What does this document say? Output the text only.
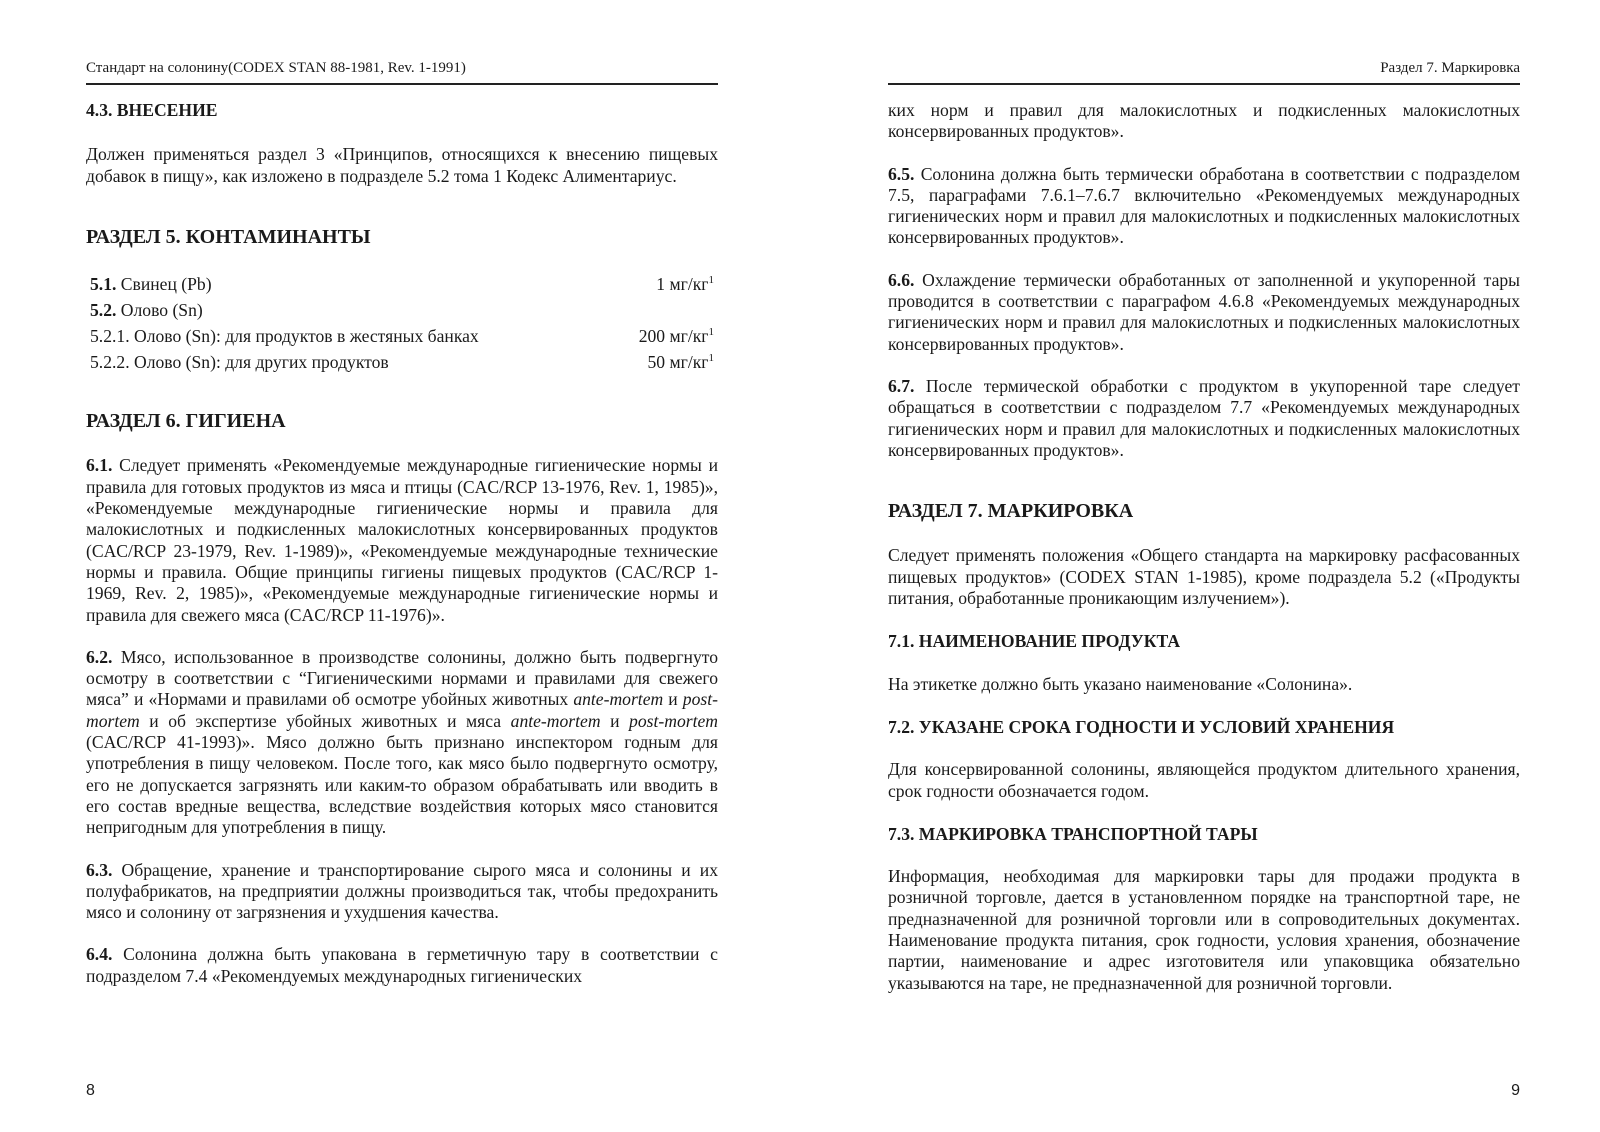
Стандарт на солонину(CODEX STAN 88-1981, Rev. 1-1991)
4.3. ВНЕСЕНИЕ

Должен применяться раздел 3 «Принципов, относящихся к внесению пищевых добавок в пищу», как изложено в подразделе 5.2 тома 1 Кодекс Алиментариус.

РАЗДЕЛ 5. КОНТАМИНАНТЫ
5.1. Свинец (Pb)	1 $мг/кг^1$
5.2. Олово (Sn)
5.2.1. Олово (Sn): для продуктов в жестяных банках	200 $мг/кг^1$
5.2.2. Олово (Sn): для других продуктов	50 $мг/кг^1$
РАЗДЕЛ 6. ГИГИЕНА

6.1. Следует применять «Рекомендуемые международные гигиенические нормы и правила для готовых продуктов из мяса и птицы (CAC/RCP 13-1976, Rev. 1, 1985)», «Рекомендуемые международные гигиенические нормы и правила для малокислотных и подкисленных малокислотных консервированных продуктов (CAC/RCP 23-1979, Rev. 1-1989)», «Рекомендуемые международные технические нормы и правила. Общие принципы гигиены пищевых продуктов (CAC/RCP 1-1969, Rev. 2, 1985)», «Рекомендуемые международные гигиенические нормы и правила для свежего мяса (CAC/RCP 11-1976)».

6.2. Мясо, использованное в производстве солонины, должно быть подвергнуто осмотру в соответствии с “Гигиеническими нормами и правилами для свежего мяса” и «Нормами и правилами об осмотре убойных животных ante-mortem и post-mortem и об экспертизе убойных животных и мяса ante-mortem и post-mortem (CAC/RCP 41-1993)». Мясо должно быть признано инспектором годным для употребления в пищу человеком. После того, как мясо было подвергнуто осмотру, его не допускается загрязнять или каким-то образом обрабатывать или вводить в его состав вредные вещества, вследствие воздействия которых мясо становится непригодным для употребления в пищу.

6.3. Обращение, хранение и транспортирование сырого мяса и солонины и их полуфабрикатов, на предприятии должны производиться так, чтобы предохранить мясо и солонину от загрязнения и ухудшения качества.

6.4. Солонина должна быть упакована в герметичную тару в соответствии с подразделом 7.4 «Рекомендуемых международных гигиенических

8
Раздел 7. Маркировка

ких норм и правил для малокислотных и подкисленных малокислотных консервированных продуктов».

6.5. Солонина должна быть термически обработана в соответствии с подразделом 7.5, параграфами 7.6.1–7.6.7 включительно «Рекомендуемых международных гигиенических норм и правил для малокислотных и подкисленных малокислотных консервированных продуктов».

6.6. Охлаждение термически обработанных от заполненной и укупоренной тары проводится в соответствии с параграфом 4.6.8 «Рекомендуемых международных гигиенических норм и правил для малокислотных и подкисленных малокислотных консервированных продуктов».

6.7. После термической обработки с продуктом в укупоренной таре следует обращаться в соответствии с подразделом 7.7 «Рекомендуемых международных гигиенических норм и правил для малокислотных и подкисленных малокислотных консервированных продуктов».

РАЗДЕЛ 7. МАРКИРОВКА

Следует применять положения «Общего стандарта на маркировку расфасованных пищевых продуктов» (CODEX STAN 1-1985), кроме подраздела 5.2 («Продукты питания, обработанные проникающим излучением»).

7.1. НАИМЕНОВАНИЕ ПРОДУКТА

На этикетке должно быть указано наименование «Солонина».

7.2. УКАЗАНЕ СРОКА ГОДНОСТИ И УСЛОВИЙ ХРАНЕНИЯ

Для консервированной солонины, являющейся продуктом длительного хранения, срок годности обозначается годом.

7.3. МАРКИРОВКА ТРАНСПОРТНОЙ ТАРЫ

Информация, необходимая для маркировки тары для продажи продукта в розничной торговле, дается в установленном порядке на транспортной таре, не предназначенной для розничной торговли или в сопроводительных документах. Наименование продукта питания, срок годности, условия хранения, обозначение партии, наименование и адрес изготовителя или упаковщика обязательно указываются на таре, не предназначенной для розничной торговли.

9
